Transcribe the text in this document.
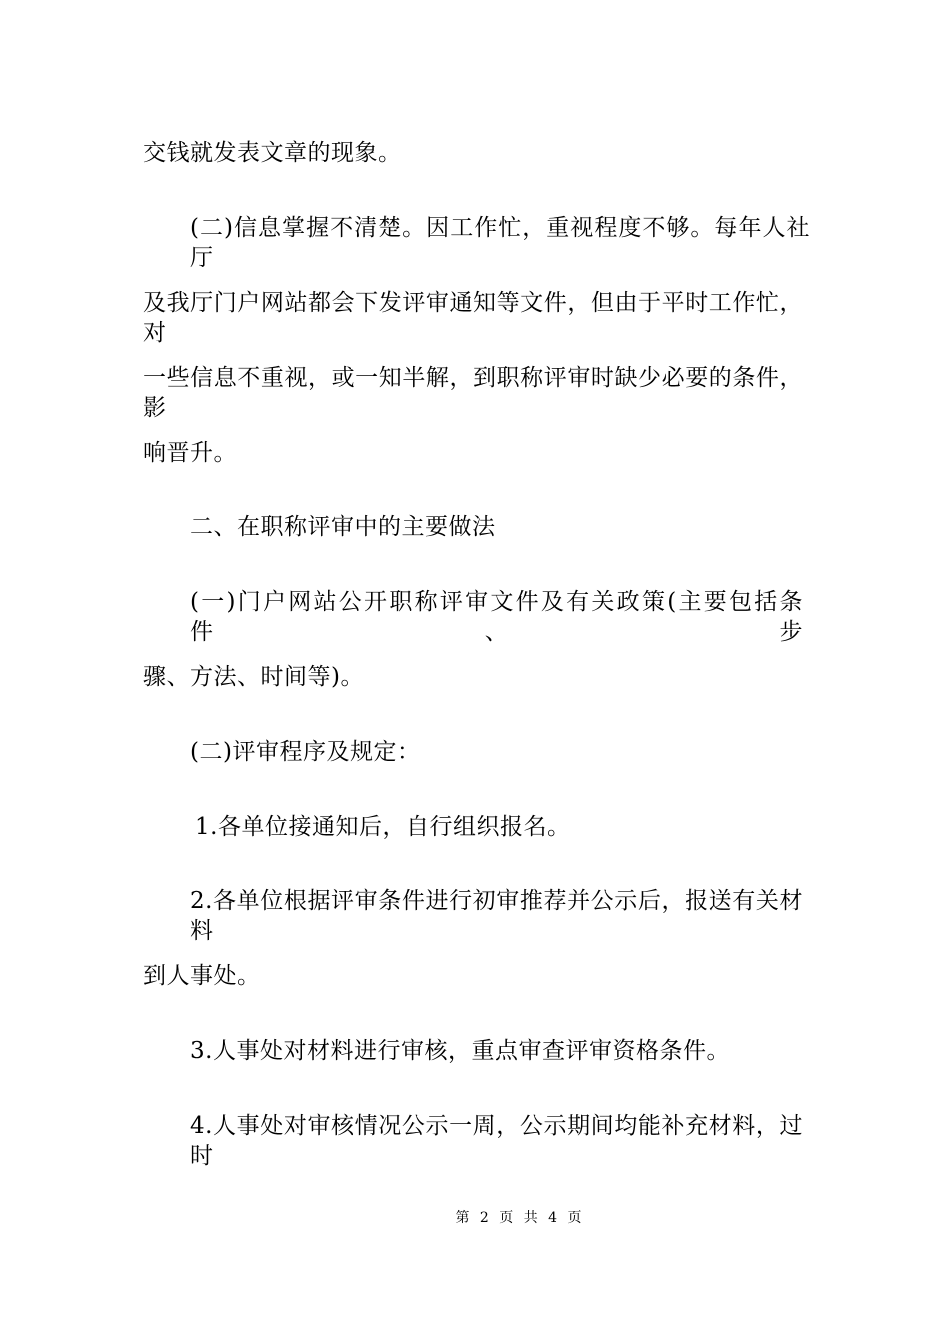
交钱就发表文章的现象。
(二)信息掌握不清楚。因工作忙，重视程度不够。每年人社厅
及我厅门户网站都会下发评审通知等文件，但由于平时工作忙，对
一些信息不重视，或一知半解，到职称评审时缺少必要的条件，影
响晋升。
二、在职称评审中的主要做法
(一)门户网站公开职称评审文件及有关政策(主要包括条件、步
骤、方法、时间等)。
(二)评审程序及规定：
1.各单位接通知后，自行组织报名。
2.各单位根据评审条件进行初审推荐并公示后，报送有关材料
到人事处。
3.人事处对材料进行审核，重点审查评审资格条件。
4.人事处对审核情况公示一周，公示期间均能补充材料，过时
第 2 页 共 4 页
